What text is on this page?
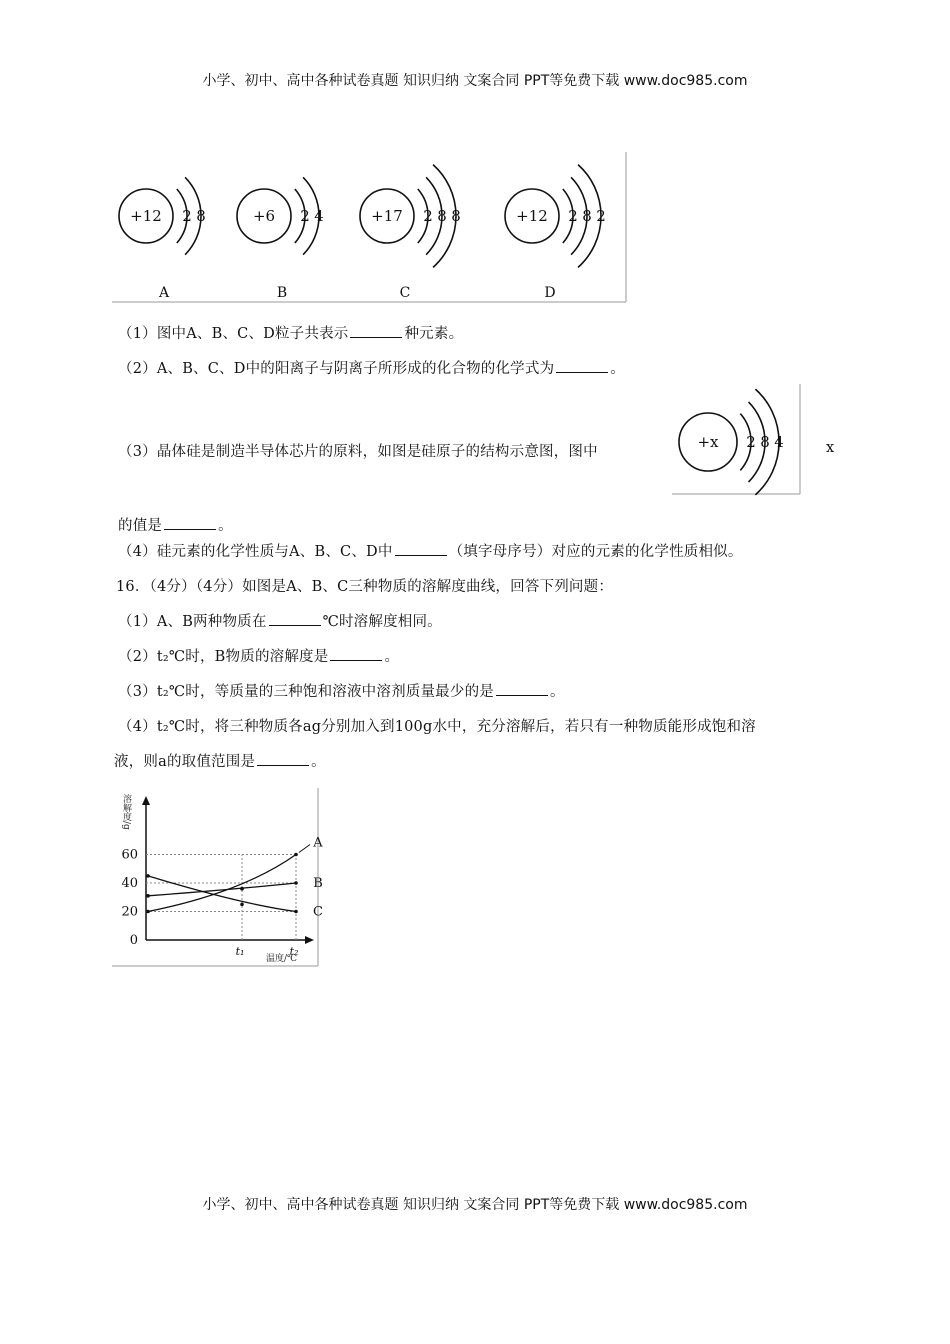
小学、初中、高中各种试卷真题 知识归纳 文案合同 PPT等免费下载 www.doc985.com
+12 2 8
A
+6 2 4
B
+17 2 8 8
C
+12 2 8 2
D
（1）图中A、B、C、D粒子共表示	种元素。
（2）A、B、C、D中的阳离子与阴离子所形成的化合物的化学式为	。
（3）晶体硅是制造半导体芯片的原料，如图是硅原子的结构示意图，图中
+x 2 8 4	x
的值是	。
（4）硅元素的化学性质与A、B、C、D中	（填字母序号）对应的元素的化学性质相似。
16．（4分）（4分）如图是A、B、C三种物质的溶解度曲线，回答下列问题：
（1）A、B两种物质在	℃时溶解度相同。
（2）t₂℃时，B物质的溶解度是	。
（3）t₂℃时，等质量的三种饱和溶液中溶剂质量最少的是	。
（4）t₂℃时，将三种物质各ag分别加入到100g水中，充分溶解后，若只有一种物质能形成饱和溶
液，则a的取值范围是	。
溶解度/g
温度/℃
0
20
40
60
t₁	t₂
A
B
C
小学、初中、高中各种试卷真题 知识归纳 文案合同 PPT等免费下载 www.doc985.com
